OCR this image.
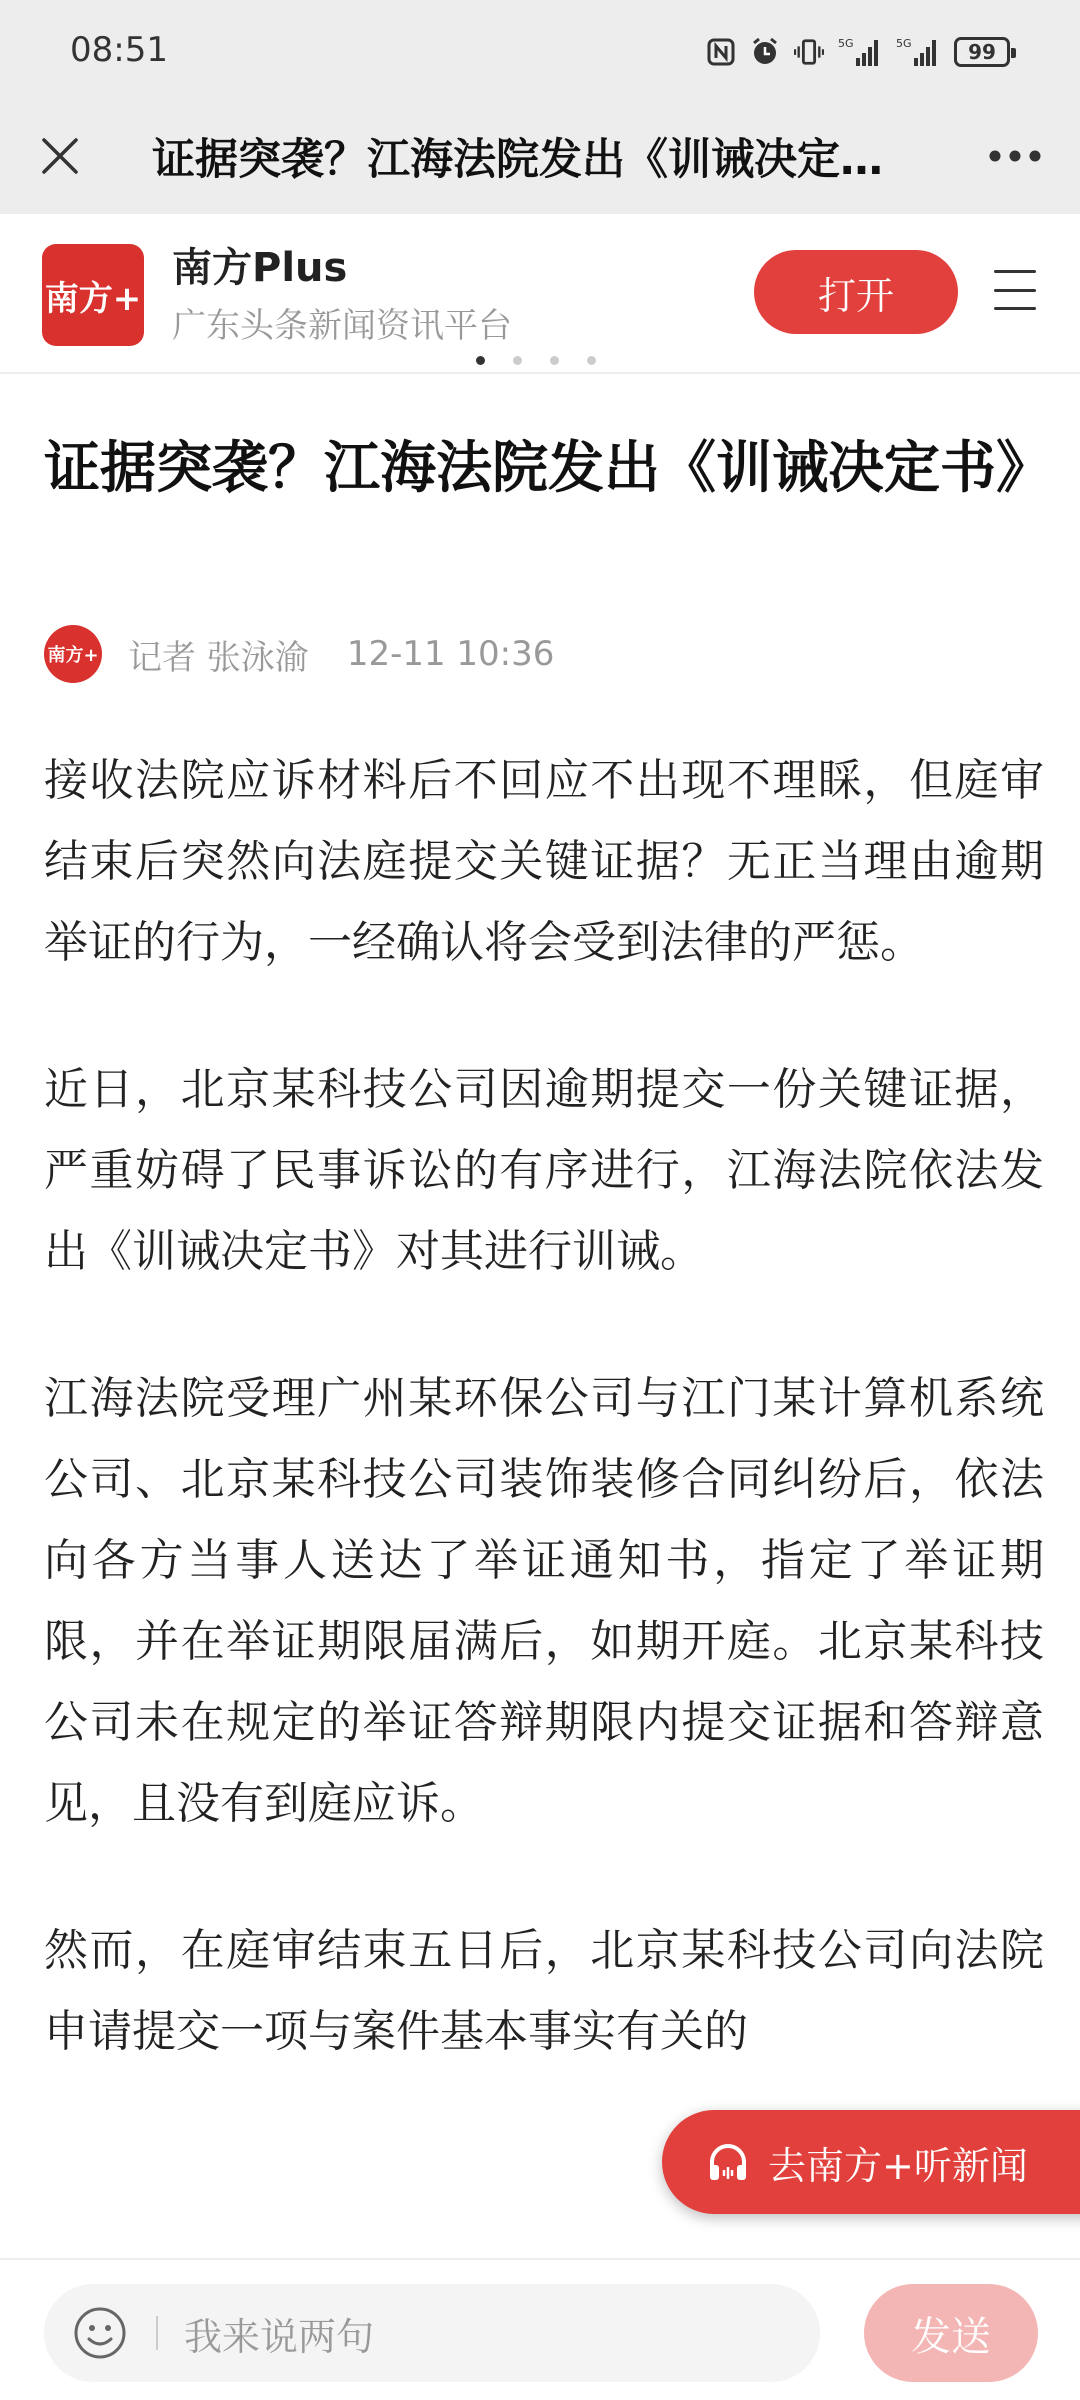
08:51	5G	5G	99
证据突袭？江海法院发出《训诫决定…
南方+
南方Plus
广东头条新闻资讯平台
打开
证据突袭？江海法院发出《训诫决定书》
南方+ 记者 张泳渝 12-11 10:36

接收法院应诉材料后不回应不出现不理睬，但庭审结束后突然向法庭提交关键证据？无正当理由逾期举证的行为，一经确认将会受到法律的严惩。

近日，北京某科技公司因逾期提交一份关键证据，严重妨碍了民事诉讼的有序进行，江海法院依法发出《训诫决定书》对其进行训诫。

江海法院受理广州某环保公司与江门某计算机系统公司、北京某科技公司装饰装修合同纠纷后，依法向各方当事人送达了举证通知书，指定了举证期限，并在举证期限届满后，如期开庭。北京某科技公司未在规定的举证答辩期限内提交证据和答辩意见，且没有到庭应诉。

然而，在庭审结束五日后，北京某科技公司向法院申请提交一项与案件基本事实有关的

去南方+听新闻
我来说两句	发送
